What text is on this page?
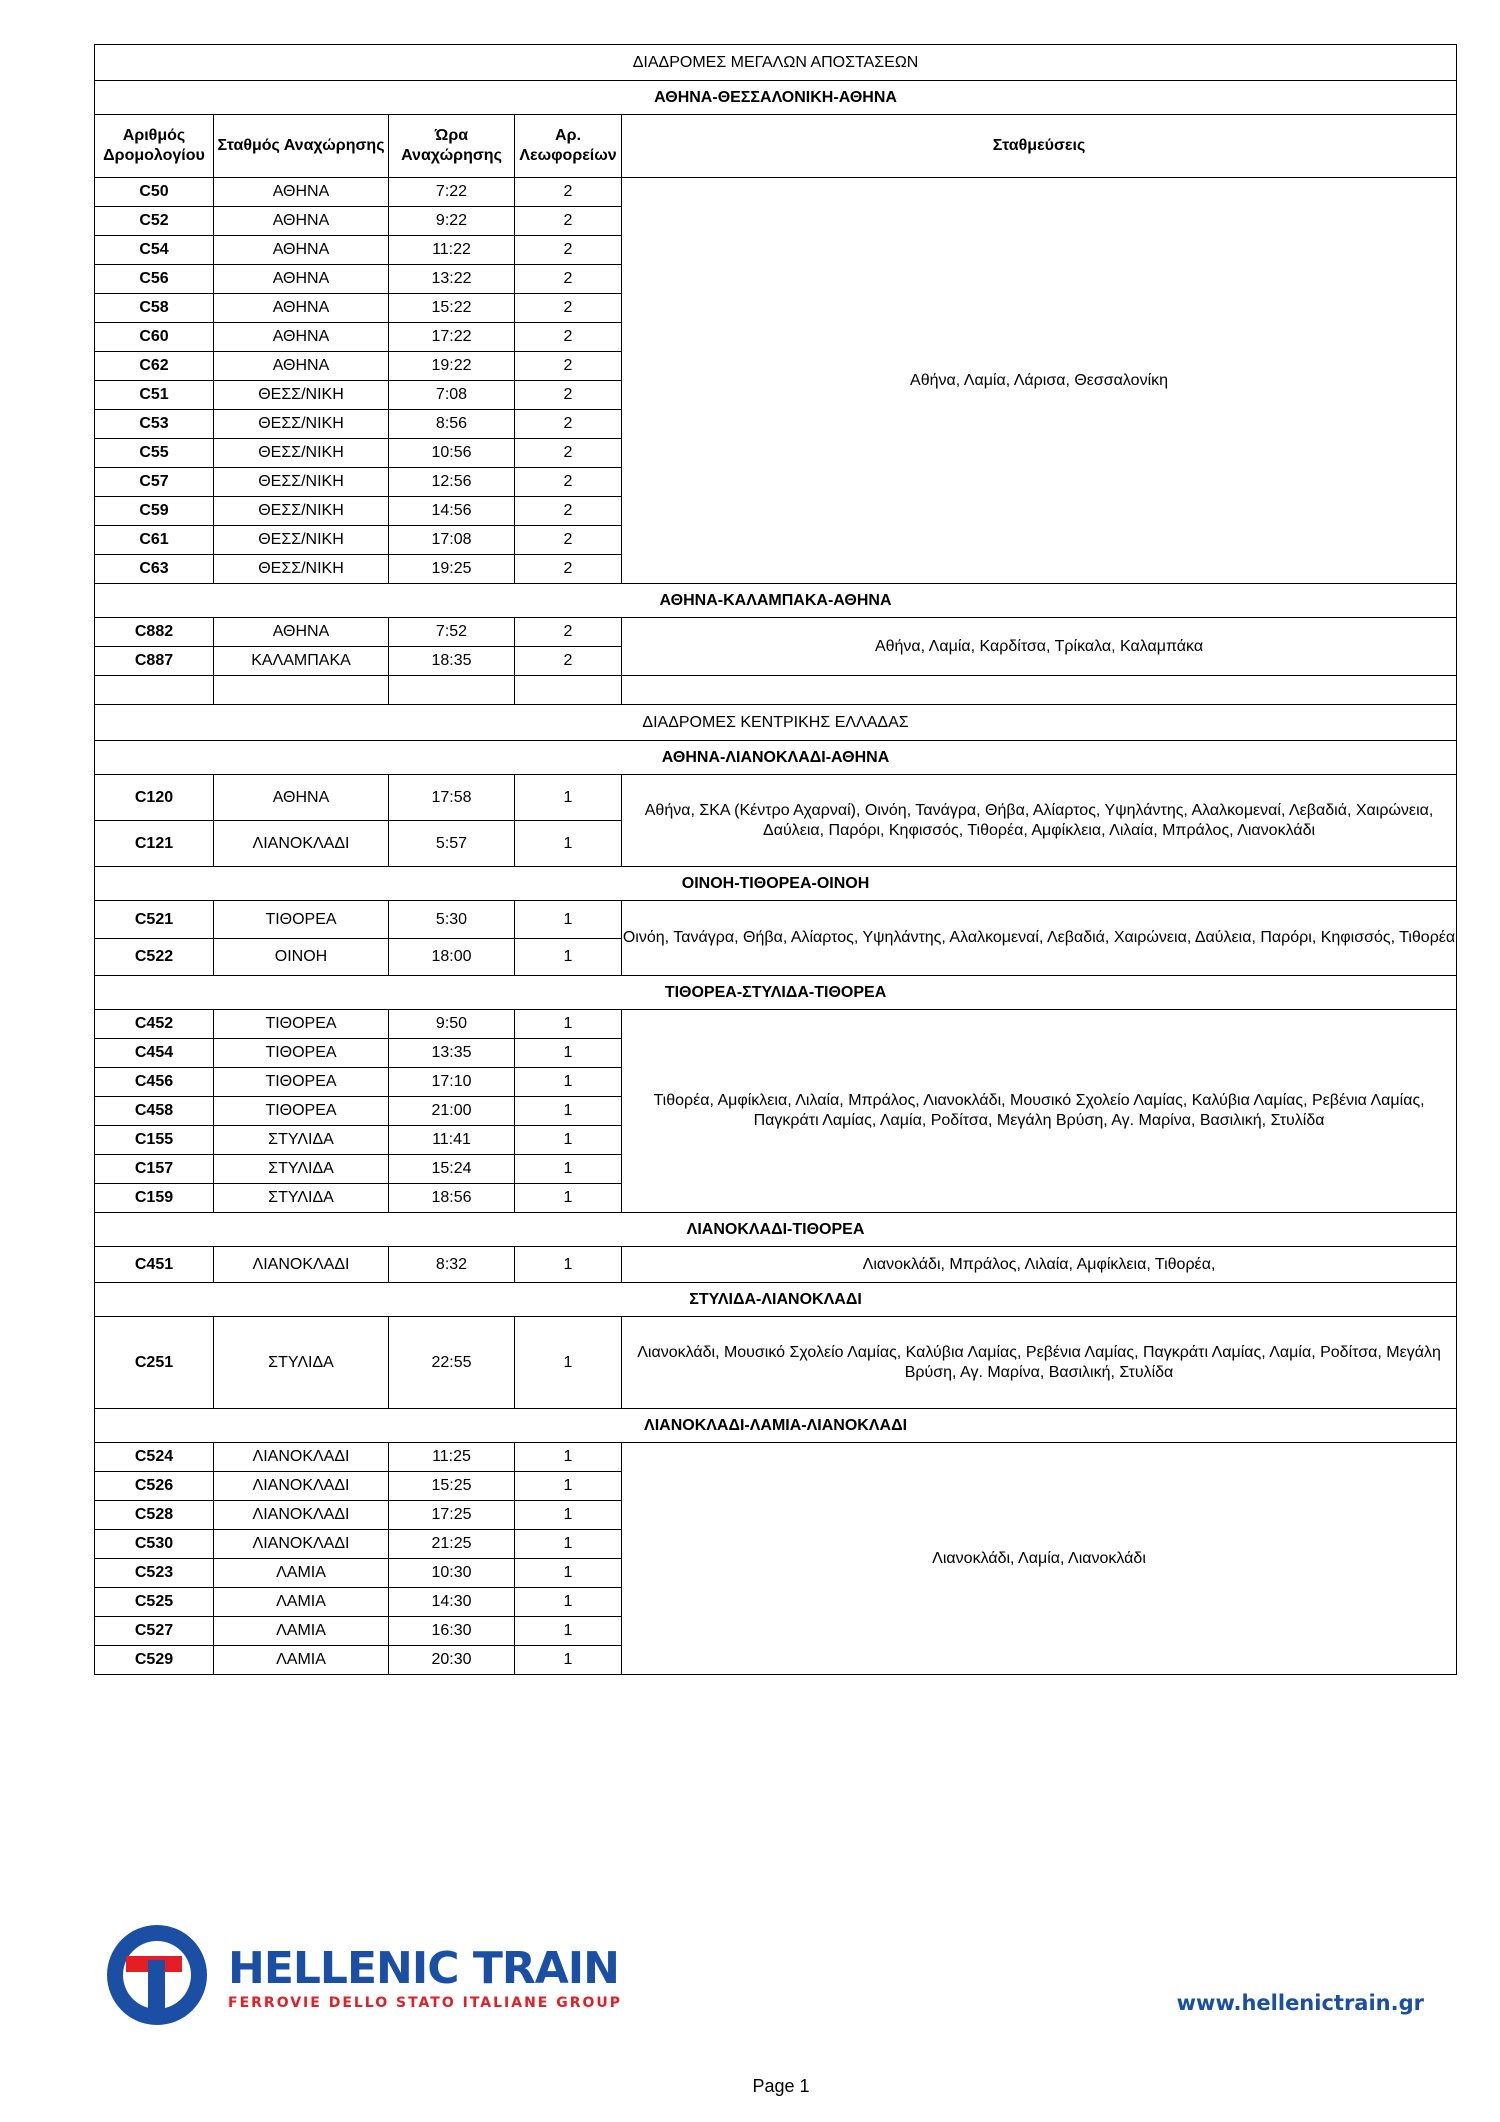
ΔΙΑΔΡΟΜΕΣ ΜΕΓΑΛΩΝ ΑΠΟΣΤΑΣΕΩΝ				
ΑΘΗΝΑ-ΘΕΣΣΑΛΟΝΙΚΗ-ΑΘΗΝΑ				
Αριθμός Δρομολογίου	Σταθμός Αναχώρησης	Ώρα Αναχώρησης	Αρ. Λεωφορείων	Σταθμεύσεις
C50	ΑΘΗΝΑ	7:22	2	Αθήνα, Λαμία, Λάρισα, Θεσσαλονίκη
C52	ΑΘΗΝΑ	9:22	2	
C54	ΑΘΗΝΑ	11:22	2	
C56	ΑΘΗΝΑ	13:22	2	
C58	ΑΘΗΝΑ	15:22	2	
C60	ΑΘΗΝΑ	17:22	2	
C62	ΑΘΗΝΑ	19:22	2	
C51	ΘΕΣΣ/ΝΙΚΗ	7:08	2	
C53	ΘΕΣΣ/ΝΙΚΗ	8:56	2	
C55	ΘΕΣΣ/ΝΙΚΗ	10:56	2	
C57	ΘΕΣΣ/ΝΙΚΗ	12:56	2	
C59	ΘΕΣΣ/ΝΙΚΗ	14:56	2	
C61	ΘΕΣΣ/ΝΙΚΗ	17:08	2	
C63	ΘΕΣΣ/ΝΙΚΗ	19:25	2	
ΑΘΗΝΑ-ΚΑΛΑΜΠΑΚΑ-ΑΘΗΝΑ				
C882	ΑΘΗΝΑ	7:52	2	Αθήνα, Λαμία, Καρδίτσα, Τρίκαλα, Καλαμπάκα
C887	ΚΑΛΑΜΠΑΚΑ	18:35	2	

ΔΙΑΔΡΟΜΕΣ ΚΕΝΤΡΙΚΗΣ ΕΛΛΑΔΑΣ				
ΑΘΗΝΑ-ΛΙΑΝΟΚΛΑΔΙ-ΑΘΗΝΑ				
C120	ΑΘΗΝΑ	17:58	1	Αθήνα, ΣΚΑ (Κέντρο Αχαρναί), Οινόη, Τανάγρα, Θήβα, Αλίαρτος, Υψηλάντης, Αλαλκομεναί, Λεβαδιά, Χαιρώνεια, Δαύλεια, Παρόρι, Κηφισσός, Τιθορέα, Αμφίκλεια, Λιλαία, Μπράλος, Λιανοκλάδι
C121	ΛΙΑΝΟΚΛΑΔΙ	5:57	1	
ΟΙΝΟΗ-ΤΙΘΟΡΕΑ-ΟΙΝΟΗ				
C521	ΤΙΘΟΡΕΑ	5:30	1	Οινόη, Τανάγρα, Θήβα, Αλίαρτος, Υψηλάντης, Αλαλκομεναί, Λεβαδιά, Χαιρώνεια, Δαύλεια, Παρόρι, Κηφισσός, Τιθορέα
C522	ΟΙΝΟΗ	18:00	1	
ΤΙΘΟΡΕΑ-ΣΤΥΛΙΔΑ-ΤΙΘΟΡΕΑ				
C452	ΤΙΘΟΡΕΑ	9:50	1	Τιθορέα, Αμφίκλεια, Λιλαία, Μπράλος, Λιανοκλάδι, Μουσικό Σχολείο Λαμίας, Καλύβια Λαμίας, Ρεβένια Λαμίας, Παγκράτι Λαμίας, Λαμία, Ροδίτσα, Μεγάλη Βρύση, Αγ. Μαρίνα, Βασιλική, Στυλίδα
C454	ΤΙΘΟΡΕΑ	13:35	1	
C456	ΤΙΘΟΡΕΑ	17:10	1	
C458	ΤΙΘΟΡΕΑ	21:00	1	
C155	ΣΤΥΛΙΔΑ	11:41	1	
C157	ΣΤΥΛΙΔΑ	15:24	1	
C159	ΣΤΥΛΙΔΑ	18:56	1	
ΛΙΑΝΟΚΛΑΔΙ-ΤΙΘΟΡΕΑ				
C451	ΛΙΑΝΟΚΛΑΔΙ	8:32	1	Λιανοκλάδι, Μπράλος, Λιλαία, Αμφίκλεια, Τιθορέα,
ΣΤΥΛΙΔΑ-ΛΙΑΝΟΚΛΑΔΙ				
C251	ΣΤΥΛΙΔΑ	22:55	1	Λιανοκλάδι, Μουσικό Σχολείο Λαμίας, Καλύβια Λαμίας, Ρεβένια Λαμίας, Παγκράτι Λαμίας, Λαμία, Ροδίτσα, Μεγάλη Βρύση, Αγ. Μαρίνα, Βασιλική, Στυλίδα
ΛΙΑΝΟΚΛΑΔΙ-ΛΑΜΙΑ-ΛΙΑΝΟΚΛΑΔΙ				
C524	ΛΙΑΝΟΚΛΑΔΙ	11:25	1	Λιανοκλάδι, Λαμία, Λιανοκλάδι
C526	ΛΙΑΝΟΚΛΑΔΙ	15:25	1	
C528	ΛΙΑΝΟΚΛΑΔΙ	17:25	1	
C530	ΛΙΑΝΟΚΛΑΔΙ	21:25	1	
C523	ΛΑΜΙΑ	10:30	1	
C525	ΛΑΜΙΑ	14:30	1	
C527	ΛΑΜΙΑ	16:30	1	
C529	ΛΑΜΙΑ	20:30	1	
HELLENIC TRAIN
FERROVIE DELLO STATO ITALIANE GROUP	www.hellenictrain.gr
Page 1
